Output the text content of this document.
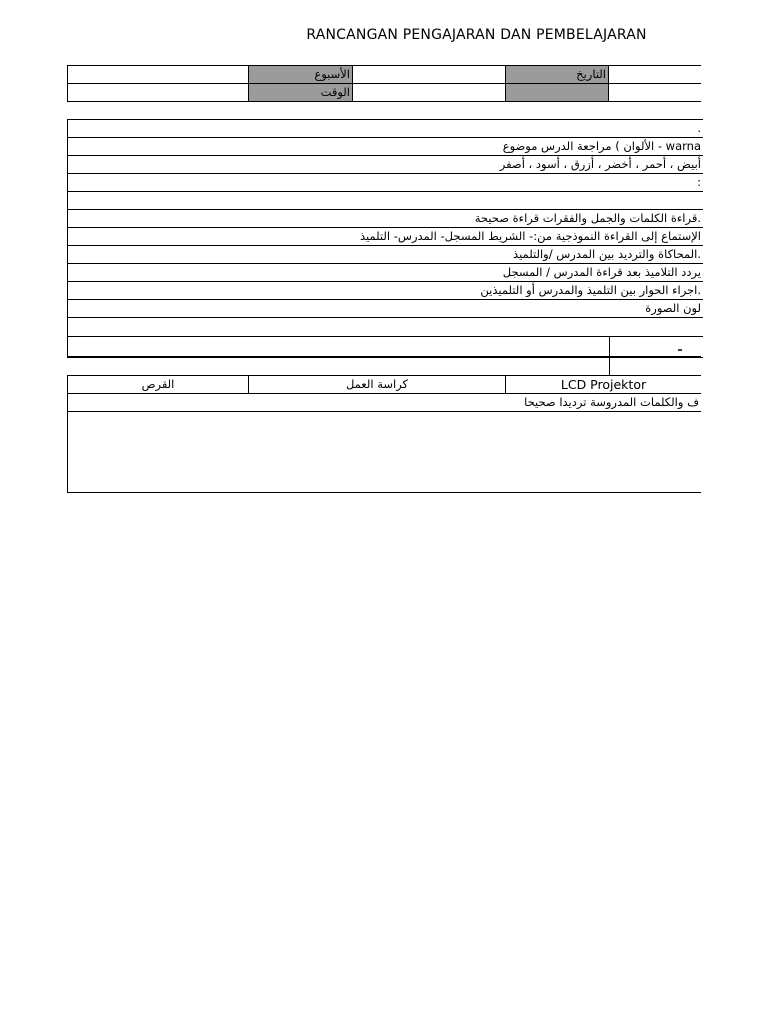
RANCANGAN PENGAJARAN DAN PEMBELAJARAN
الأسبوع	التاريخ
الوقت
.
warna - الألوان ) مراجعة الدرس موضوع
أبيض ، أحمر ، أخضر ، أزرق ، أسود ، أصفر
:
.قراءة الكلمات والجمل والفقرات قراءة صحيحة
الإستماع إلى القراءة النموذجية من:- الشريط المسجل- المدرس- التلميذ
.المحاكاة والترديد بين المدرس /والتلميذ
يردد التلاميذ بعد قراءة المدرس / المسجل
.اجراء الحوار بين التلميذ والمدرس أو التلميذين
لون الصورة
القرص	كراسة العمل	LCD Projektor
ف والكلمات المدروسة ترديدا صحيحا
